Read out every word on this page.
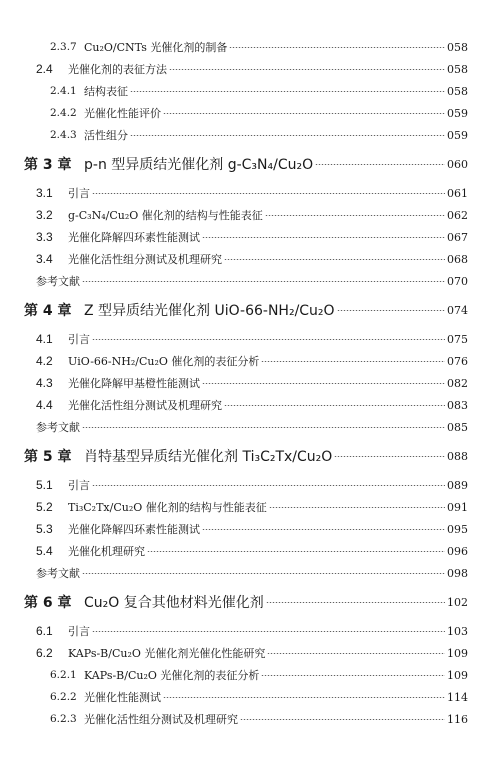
2.3.7 Cu₂O/CNTs 光催化剂的制备	058
2.4	光催化剂的表征方法	058
2.4.1 结构表征	058
2.4.2 光催化性能评价	059
2.4.3 活性组分	059
第 3 章 p-n 型异质结光催化剂 g-C₃N₄/Cu₂O	060
3.1	引言	061
3.2	g-C₃N₄/Cu₂O 催化剂的结构与性能表征	062
3.3	光催化降解四环素性能测试	067
3.4	光催化活性组分测试及机理研究	068
参考文献	070
第 4 章 Z 型异质结光催化剂 UiO-66-NH₂/Cu₂O	074
4.1	引言	075
4.2	UiO-66-NH₂/Cu₂O 催化剂的表征分析	076
4.3	光催化降解甲基橙性能测试	082
4.4	光催化活性组分测试及机理研究	083
参考文献	085
第 5 章 肖特基型异质结光催化剂 Ti₃C₂Tx/Cu₂O	088
5.1	引言	089
5.2	Ti₃C₂Tx/Cu₂O 催化剂的结构与性能表征	091
5.3	光催化降解四环素性能测试	095
5.4	光催化机理研究	096
参考文献	098
第 6 章 Cu₂O 复合其他材料光催化剂	102
6.1	引言	103
6.2	KAPs-B/Cu₂O 光催化剂光催化性能研究	109
6.2.1 KAPs-B/Cu₂O 光催化剂的表征分析	109
6.2.2 光催化性能测试	114
6.2.3 光催化活性组分测试及机理研究	116
